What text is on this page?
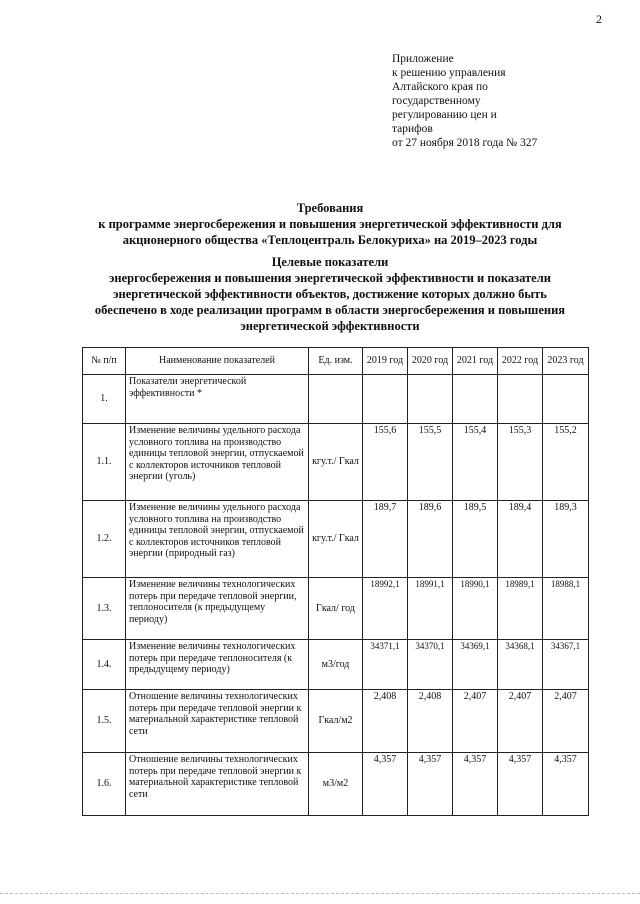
2
Приложение
к решению управления
Алтайского края по
государственному
регулированию цен и
тарифов
от 27 ноября 2018 года № 327
Требования
к программе энергосбережения и повышения энергетической эффективности для
акционерного общества «Теплоцентраль Белокуриха» на 2019–2023 годы
Целевые показатели
энергосбережения и повышения энергетической эффективности и показатели
энергетической эффективности объектов, достижение которых должно быть
обеспечено в ходе реализации программ в области энергосбережения и повышения
энергетической эффективности
№ п/п	Наименование показателей	Ед. изм.	2019 год	2020 год	2021 год	2022 год	2023 год
1.	Показатели энергетической эффективности *						
1.1.	Изменение величины удельного расхода условного топлива на производство единицы тепловой энергии, отпускаемой с коллекторов источников тепловой энергии (уголь)	кгу.т./ Гкал	155,6	155,5	155,4	155,3	155,2
1.2.	Изменение величины удельного расхода условного топлива на производство единицы тепловой энергии, отпускаемой с коллекторов источников тепловой энергии (природный газ)	кгу.т./ Гкал	189,7	189,6	189,5	189,4	189,3
1.3.	Изменение величины технологических потерь при передаче тепловой энергии, теплоносителя (к предыдущему периоду)	Гкал/ год	18992,1	18991,1	18990,1	18989,1	18988,1
1.4.	Изменение величины технологических потерь при передаче теплоносителя (к предыдущему периоду)	м3/год	34371,1	34370,1	34369,1	34368,1	34367,1
1.5.	Отношение величины технологических потерь при передаче тепловой энергии к материальной характеристике тепловой сети	Гкал/м2	2,408	2,408	2,407	2,407	2,407
1.6.	Отношение величины технологических потерь при передаче тепловой энергии к материальной характеристике тепловой сети	м3/м2	4,357	4,357	4,357	4,357	4,357
